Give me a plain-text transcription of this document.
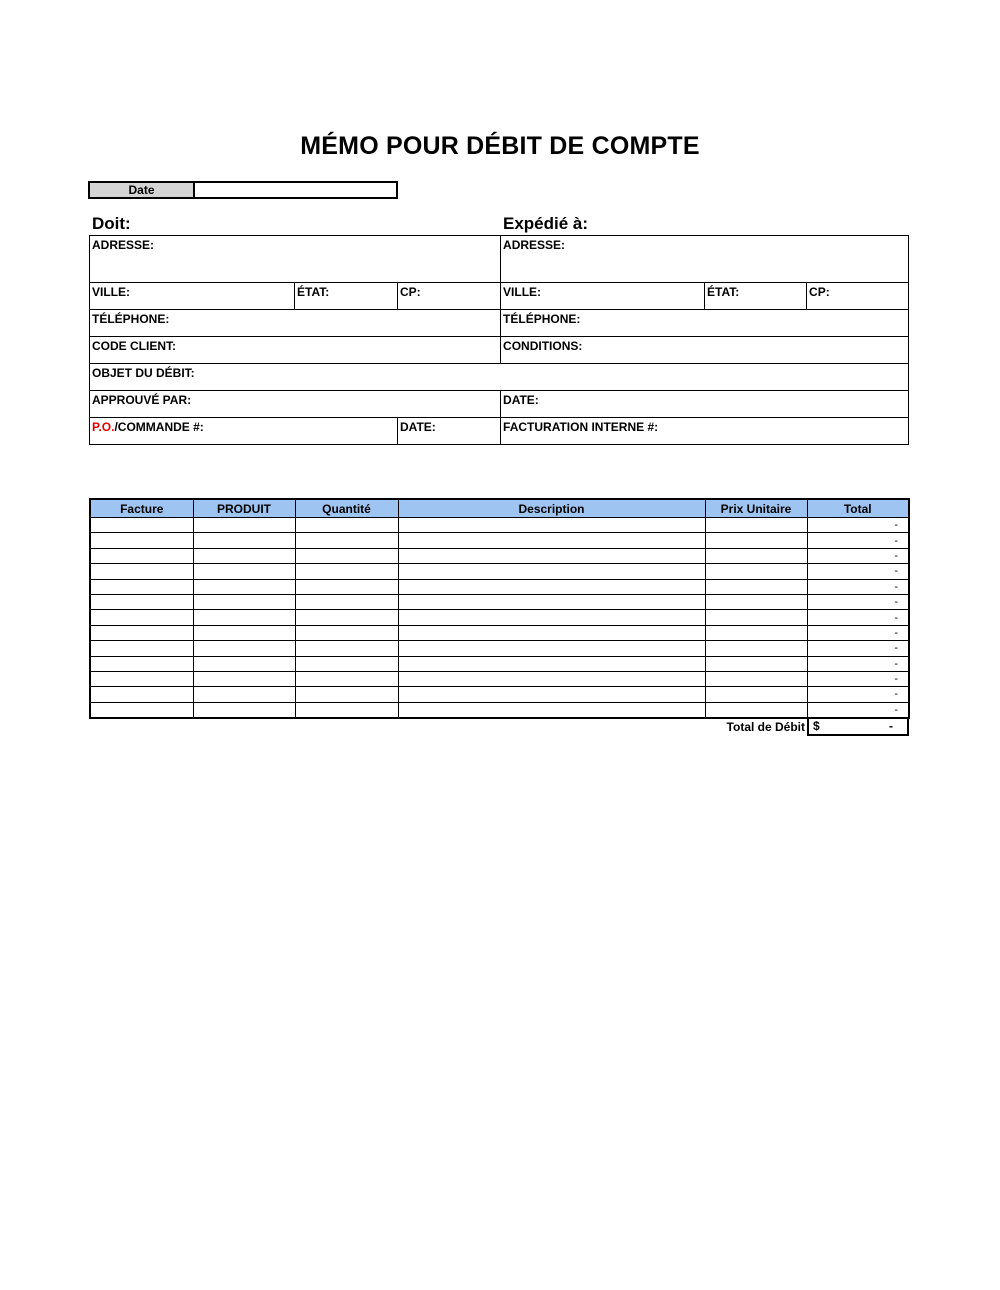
MÉMO POUR DÉBIT DE COMPTE
Date
Doit:	Expédié à:
ADRESSE:			ADRESSE:		
VILLE:	ÉTAT:	CP:	VILLE:	ÉTAT:	CP:
TÉLÉPHONE:			TÉLÉPHONE:		
CODE CLIENT:			CONDITIONS:		
OBJET DU DÉBIT:					
APPROUVÉ PAR:			DATE:		
P.O./COMMANDE #:		DATE:	FACTURATION INTERNE #:		
Facture	PRODUIT	Quantité	Description	Prix Unitaire	Total
					-
					-
					-
					-
					-
					-
					-
					-
					-
					-
					-
					-
					-
Total de Débit $	-
